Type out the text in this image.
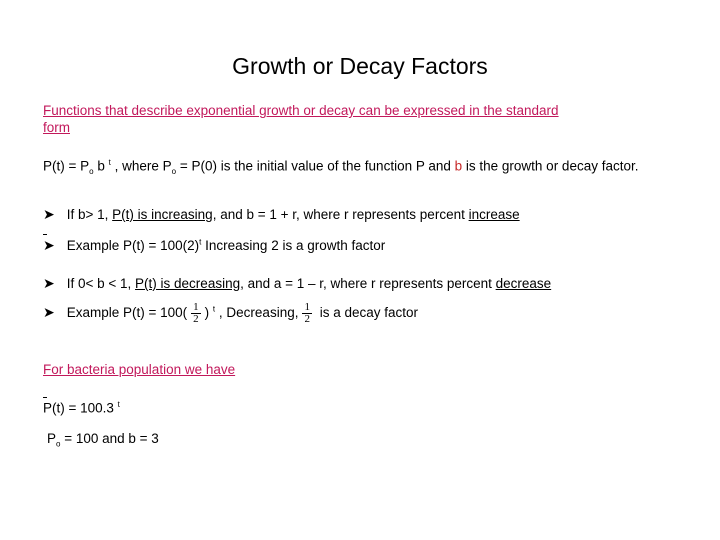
Growth or Decay Factors
Functions that describe exponential growth or decay can be expressed in the standard form
$P(t) = P_o$ b $^t$ , where $P_o = P(0)$ is the initial value of the function P and b is the growth or decay factor.
➤ If b> 1, P(t) is increasing, and b = 1 + r, where r represents percent increase
➤ Example $P(t) = 100(2)^t$ Increasing 2 is a growth factor
➤ If 0< b < 1, P(t) is decreasing, and a = 1 – r, where r represents percent decrease
➤ Example $P(t) = 100( \frac{1}{2}$ ) $^t$ , Decreasing, $\frac{1}{2}$ is a decay factor
For bacteria population we have
P(t) = 100.3 $^t$
$P_o = 100$ and b = 3
